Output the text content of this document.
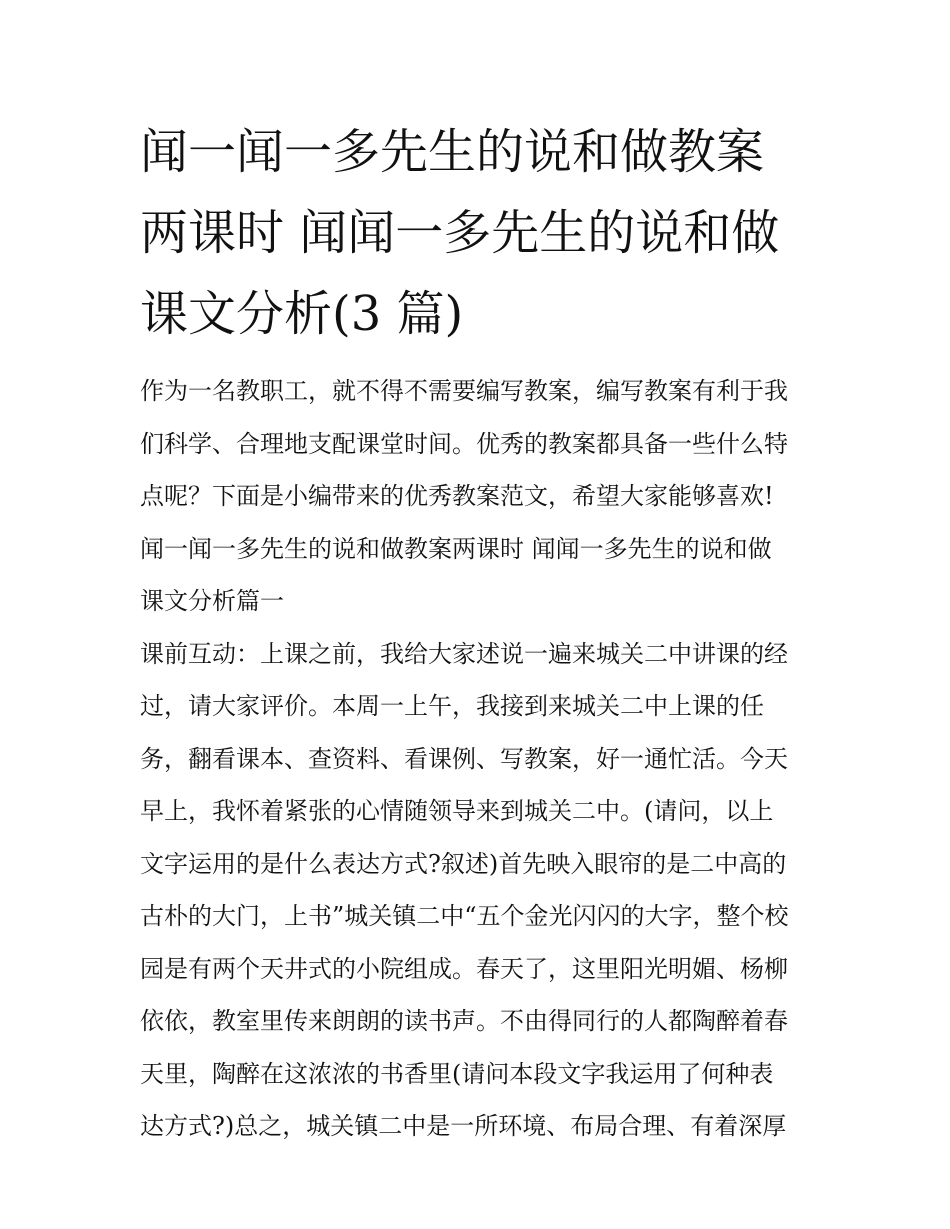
闻一闻一多先生的说和做教案
两课时 闻闻一多先生的说和做
课文分析(3 篇)

作为一名教职工，就不得不需要编写教案，编写教案有利于我

们科学、合理地支配课堂时间。优秀的教案都具备一些什么特

点呢？下面是小编带来的优秀教案范文，希望大家能够喜欢!

闻一闻一多先生的说和做教案两课时 闻闻一多先生的说和做

课文分析篇一

课前互动：上课之前，我给大家述说一遍来城关二中讲课的经

过，请大家评价。本周一上午，我接到来城关二中上课的任

务，翻看课本、查资料、看课例、写教案，好一通忙活。今天

早上，我怀着紧张的心情随领导来到城关二中。(请问，以上

文字运用的是什么表达方式?叙述)首先映入眼帘的是二中高的

古朴的大门，上书”城关镇二中“五个金光闪闪的大字，整个校

园是有两个天井式的小院组成。春天了，这里阳光明媚、杨柳

依依，教室里传来朗朗的读书声。不由得同行的人都陶醉着春

天里，陶醉在这浓浓的书香里(请问本段文字我运用了何种表

达方式?)总之，城关镇二中是一所环境、布局合理、有着深厚
